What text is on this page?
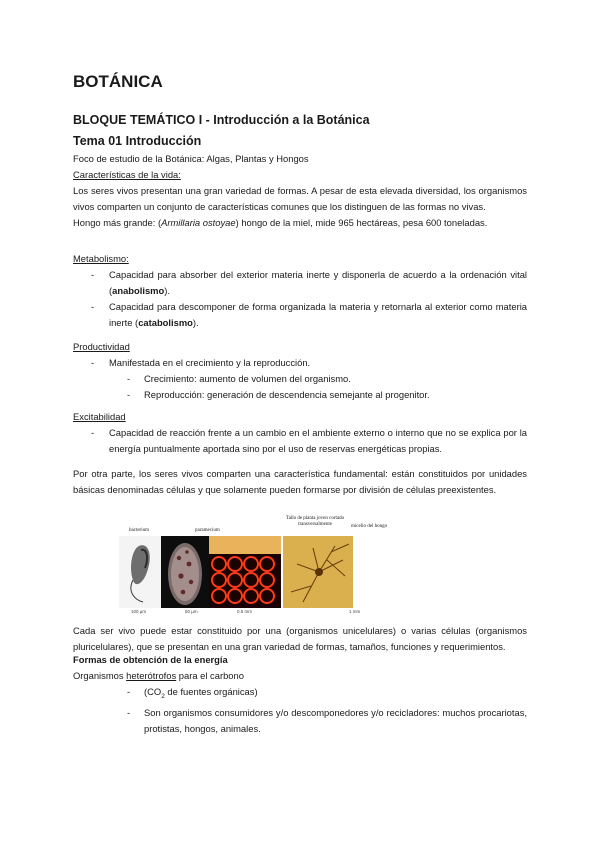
BOTÁNICA
BLOQUE TEMÁTICO I - Introducción a la Botánica
Tema 01 Introducción
Foco de estudio de la Botánica: Algas, Plantas y Hongos
Características de la vida:
Los seres vivos presentan una gran variedad de formas. A pesar de esta elevada diversidad, los organismos vivos comparten un conjunto de características comunes que los distinguen de las formas no vivas.
Hongo más grande: (Armillaria ostoyae) hongo de la miel, mide 965 hectáreas, pesa 600 toneladas.
Metabolismo:
- Capacidad para absorber del exterior materia inerte y disponerla de acuerdo a la ordenación vital (anabolismo).
- Capacidad para descomponer de forma organizada la materia y retornarla al exterior como materia inerte (catabolismo).
Productividad
- Manifestada en el crecimiento y la reproducción.
- Crecimiento: aumento de volumen del organismo.
- Reproducción: generación de descendencia semejante al progenitor.
Excitabilidad
- Capacidad de reacción frente a un cambio en el ambiente externo o interno que no se explica por la energía puntualmente aportada sino por el uso de reservas energéticas propias.
Por otra parte, los seres vivos comparten una característica fundamental: están constituidos por unidades básicas denominadas células y que solamente pueden formarse por división de células preexistentes.
Cada ser vivo puede estar constituido por una (organismos unicelulares) o varias células (organismos pluricelulares), que se presentan en una gran variedad de formas, tamaños, funciones y requerimientos.
Formas de obtención de la energía
Organismos heterótrofos para el carbono
- ($CO_2$ de fuentes orgánicas)
- Son organismos consumidores y/o descomponedores y/o recicladores: muchos procariotas, protistas, hongos, animales.
bacterium	paramecium
Tallo de planta joven cortado transversalmente	micelio del hongo
100 µm	50 µm	0.5 mm	1 mm
